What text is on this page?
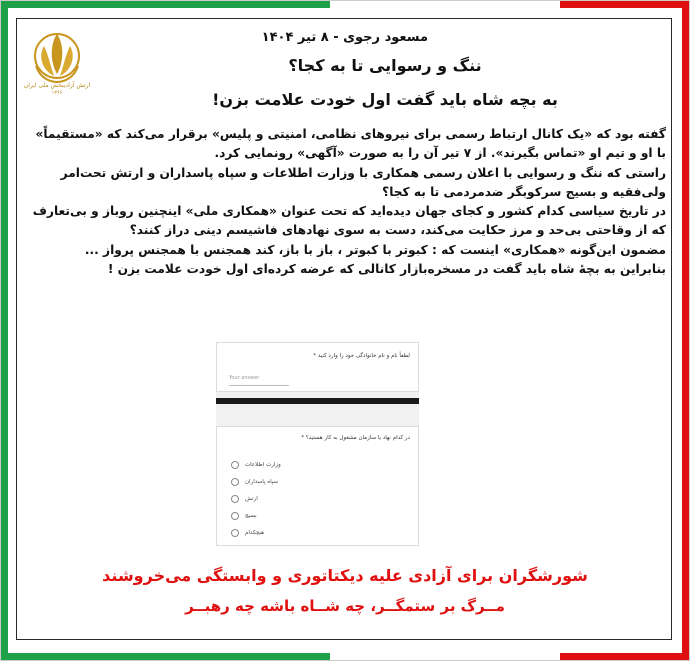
ارتش آزادیبخش ملی ایران
۱۳۶۶
مسعود رجوی - ۸ تیر ۱۴۰۴
ننگ و رسوایی تا به کجا؟
به بچه شاه باید گفت اول خودت علامت بزن!

گفته بود که «یک کانال ارتباط رسمی برای نیروهای نظامی، امنیتی و پلیس» برقرار می‌کند که «مستقیماً» با او و تیم او «تماس بگیرند». از ۷ تیر آن را به صورت «آگهی» رونمایی کرد.

راستی که ننگ و رسوایی با اعلان رسمی همکاری با وزارت اطلاعات و سپاه پاسداران و ارتش تحت‌امر ولی‌فقیه و بسیج سرکوبگر ضدمردمی تا به کجا؟

در تاریخ سیاسی کدام کشور و کجای جهان دیده‌اید که تحت عنوان «همکاری ملی» اینچنین روباز و بی‌تعارف که از وقاحتی بی‌حد و مرز حکایت می‌کند، دست به سوی نهادهای فاشیسم دینی دراز کنند؟

مضمون این‌گونه «همکاری» اینست که : کبوتر با کبوتر ، باز با باز، کند همجنس با همجنس پرواز ...

بنابراین به بچهٔ شاه باید گفت در مسخره‌بازار کانالی که عرضه کرده‌ای اول خودت علامت بزن !

لطفاً نام و نام خانوادگی خود را وارد کنید *
Your answer
در کدام نهاد یا سازمان مشغول به کار هستید؟ *
وزارت اطلاعات
سپاه پاسداران
ارتش
بسیج
هیچکدام
شورشگران برای آزادی علیه دیکتاتوری و وابستگی می‌خروشند
مــرگ بر ستمگــر، چه شــاه باشه چه رهبــر
